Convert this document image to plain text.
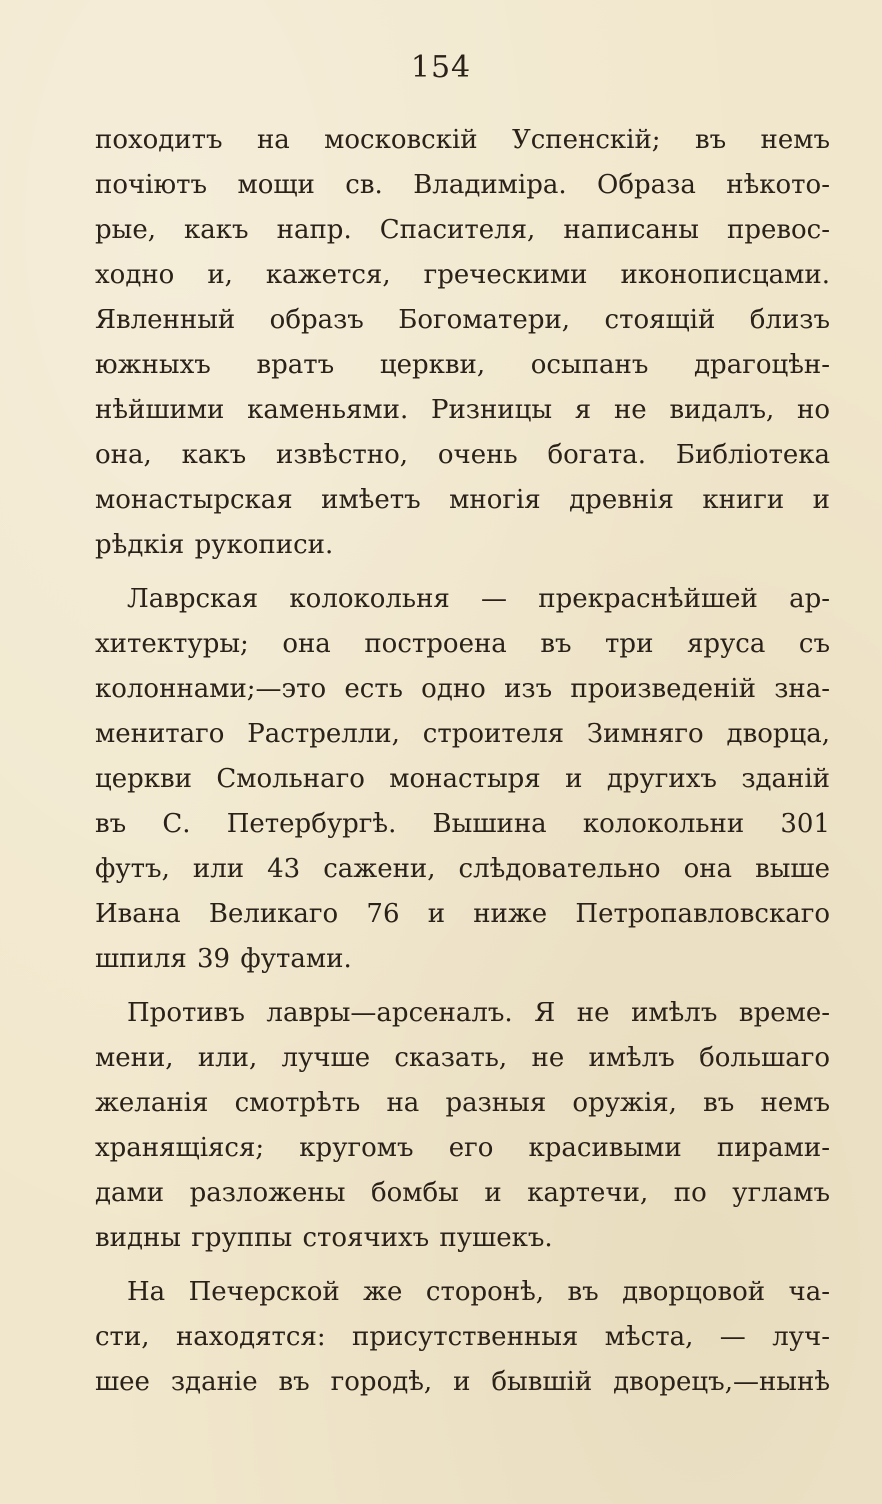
154
походитъ на московскій Успенскій; въ немъ
почіютъ мощи св. Владиміра. Образа нѣкото-
рые, какъ напр. Спасителя, написаны превос-
ходно и, кажется, греческими иконописцами.
Явленный образъ Богоматери, стоящій близъ
южныхъ вратъ церкви, осыпанъ драгоцѣн-
нѣйшими каменьями. Ризницы я не видалъ, но
она, какъ извѣстно, очень богата. Библіотека
монастырская имѣетъ многія древнія книги и
рѣдкія рукописи.
Лаврская колокольня — прекраснѣйшей ар-
хитектуры; она построена въ три яруса съ
колоннами;—это есть одно изъ произведеній зна-
менитаго Растрелли, строителя Зимняго дворца,
церкви Смольнаго монастыря и другихъ зданій
въ С. Петербургѣ. Вышина колокольни 301
футъ, или 43 сажени, слѣдовательно она выше
Ивана Великаго 76 и ниже Петропавловскаго
шпиля 39 футами.
Противъ лавры—арсеналъ. Я не имѣлъ време-
мени, или, лучше сказать, не имѣлъ большаго
желанія смотрѣть на разныя оружія, въ немъ
хранящіяся; кругомъ его красивыми пирами-
дами разложены бомбы и картечи, по угламъ
видны группы стоячихъ пушекъ.
На Печерской же сторонѣ, въ дворцовой ча-
сти, находятся: присутственныя мѣста, — луч-
шее зданіе въ городѣ, и бывшій дворецъ,—нынѣ
